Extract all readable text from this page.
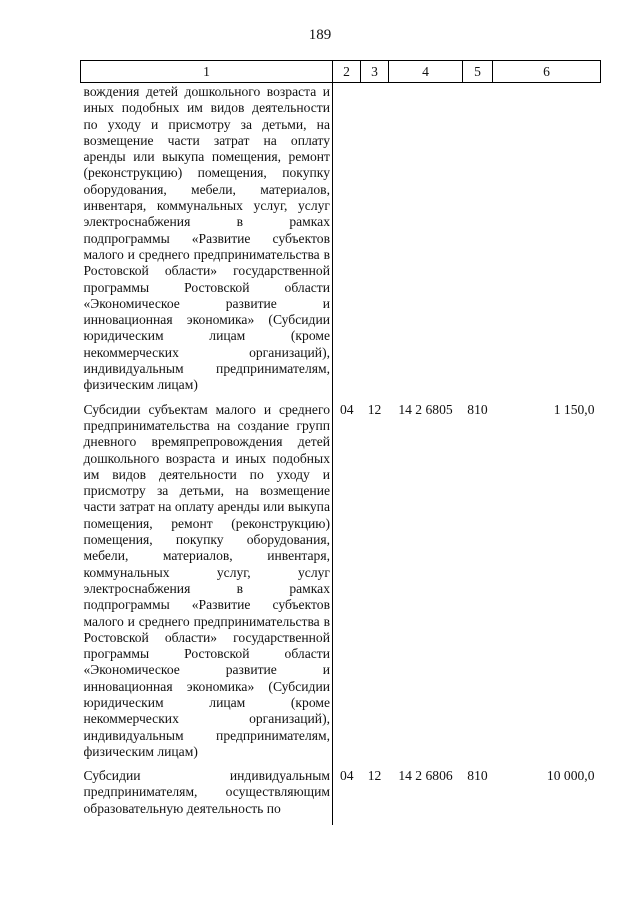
189
1	2	3	4	5	6

вождения детей дошкольного возраста и иных подобных им видов деятельности по уходу и присмотру за детьми, на возмещение части затрат на оплату аренды или выкупа помещения, ремонт (реконструкцию) помещения, покупку оборудования, мебели, материалов, инвентаря, коммунальных услуг, услуг электроснабжения в рамках подпрограммы «Развитие субъектов малого и среднего предпринимательства в Ростовской области» государственной программы Ростовской области «Экономическое развитие и инновационная экономика» (Субсидии юридическим лицам (кроме некоммерческих организаций), индивидуальным предпринимателям, физическим лицам)					

Субсидии субъектам малого и среднего предпринимательства на создание групп дневного времяпрепровождения детей дошкольного возраста и иных подобных им видов деятельности по уходу и присмотру за детьми, на возмещение части затрат на оплату аренды или выкупа помещения, ремонт (реконструкцию) помещения, покупку оборудования, мебели, материалов, инвентаря, коммунальных услуг, услуг электроснабжения в рамках подпрограммы «Развитие субъектов малого и среднего предпринимательства в Ростовской области» государственной программы Ростовской области «Экономическое развитие и инновационная экономика» (Субсидии юридическим лицам (кроме некоммерческих организаций), индивидуальным предпринимателям, физическим лицам)	04	12	14 2 6805	810	1 150,0

Субсидии индивидуальным предпринимателям, осуществляющим образовательную деятельность по	04	12	14 2 6806	810	10 000,0
